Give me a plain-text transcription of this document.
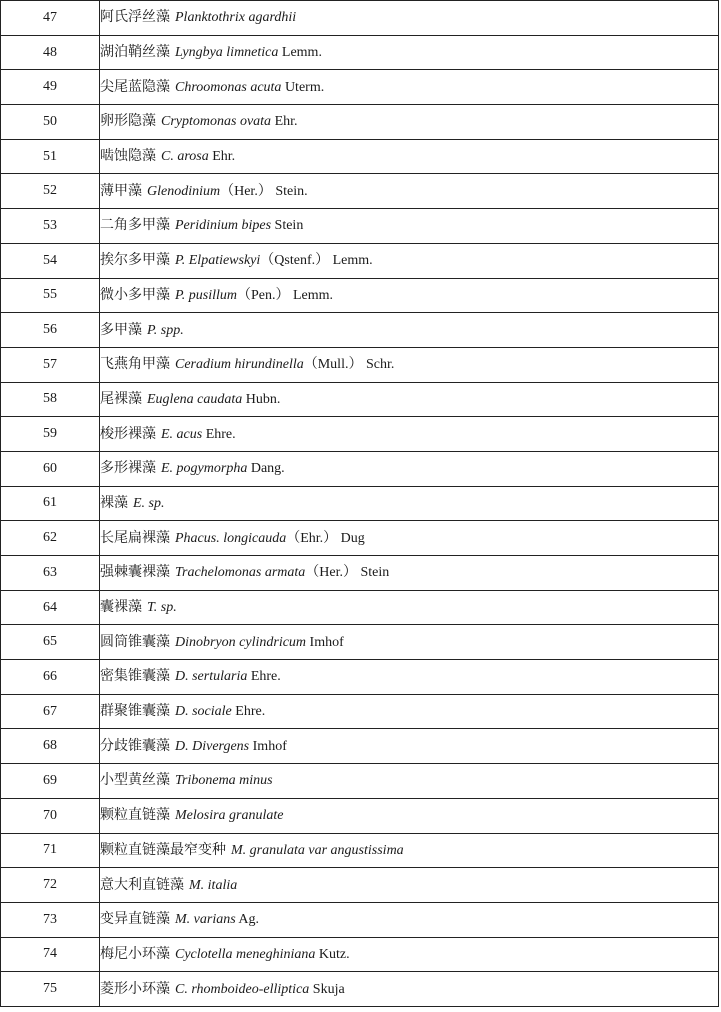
47	阿氏浮丝藻 Planktothrix agardhii
48	湖泊鞘丝藻 Lyngbya limnetica Lemm.
49	尖尾蓝隐藻 Chroomonas acuta Uterm.
50	卵形隐藻 Cryptomonas ovata Ehr.
51	啮蚀隐藻 C. arosa Ehr.
52	薄甲藻 Glenodinium（Her.） Stein.
53	二角多甲藻 Peridinium bipes Stein
54	挨尔多甲藻 P. Elpatiewskyi（Qstenf.） Lemm.
55	微小多甲藻 P. pusillum（Pen.） Lemm.
56	多甲藻 P. spp.
57	飞燕角甲藻 Ceradium hirundinella（Mull.） Schr.
58	尾裸藻 Euglena caudata Hubn.
59	梭形裸藻 E. acus Ehre.
60	多形裸藻 E. pogymorpha Dang.
61	裸藻 E. sp.
62	长尾扁裸藻 Phacus. longicauda（Ehr.） Dug
63	强棘囊裸藻 Trachelomonas armata（Her.） Stein
64	囊裸藻 T. sp.
65	圆筒锥囊藻 Dinobryon cylindricum Imhof
66	密集锥囊藻 D. sertularia Ehre.
67	群聚锥囊藻 D. sociale Ehre.
68	分歧锥囊藻 D. Divergens Imhof
69	小型黄丝藻 Tribonema minus
70	颗粒直链藻 Melosira granulate
71	颗粒直链藻最窄变种 M. granulata var angustissima
72	意大利直链藻 M. italia
73	变异直链藻 M. varians Ag.
74	梅尼小环藻 Cyclotella meneghiniana Kutz.
75	菱形小环藻 C. rhomboideo-elliptica Skuja
